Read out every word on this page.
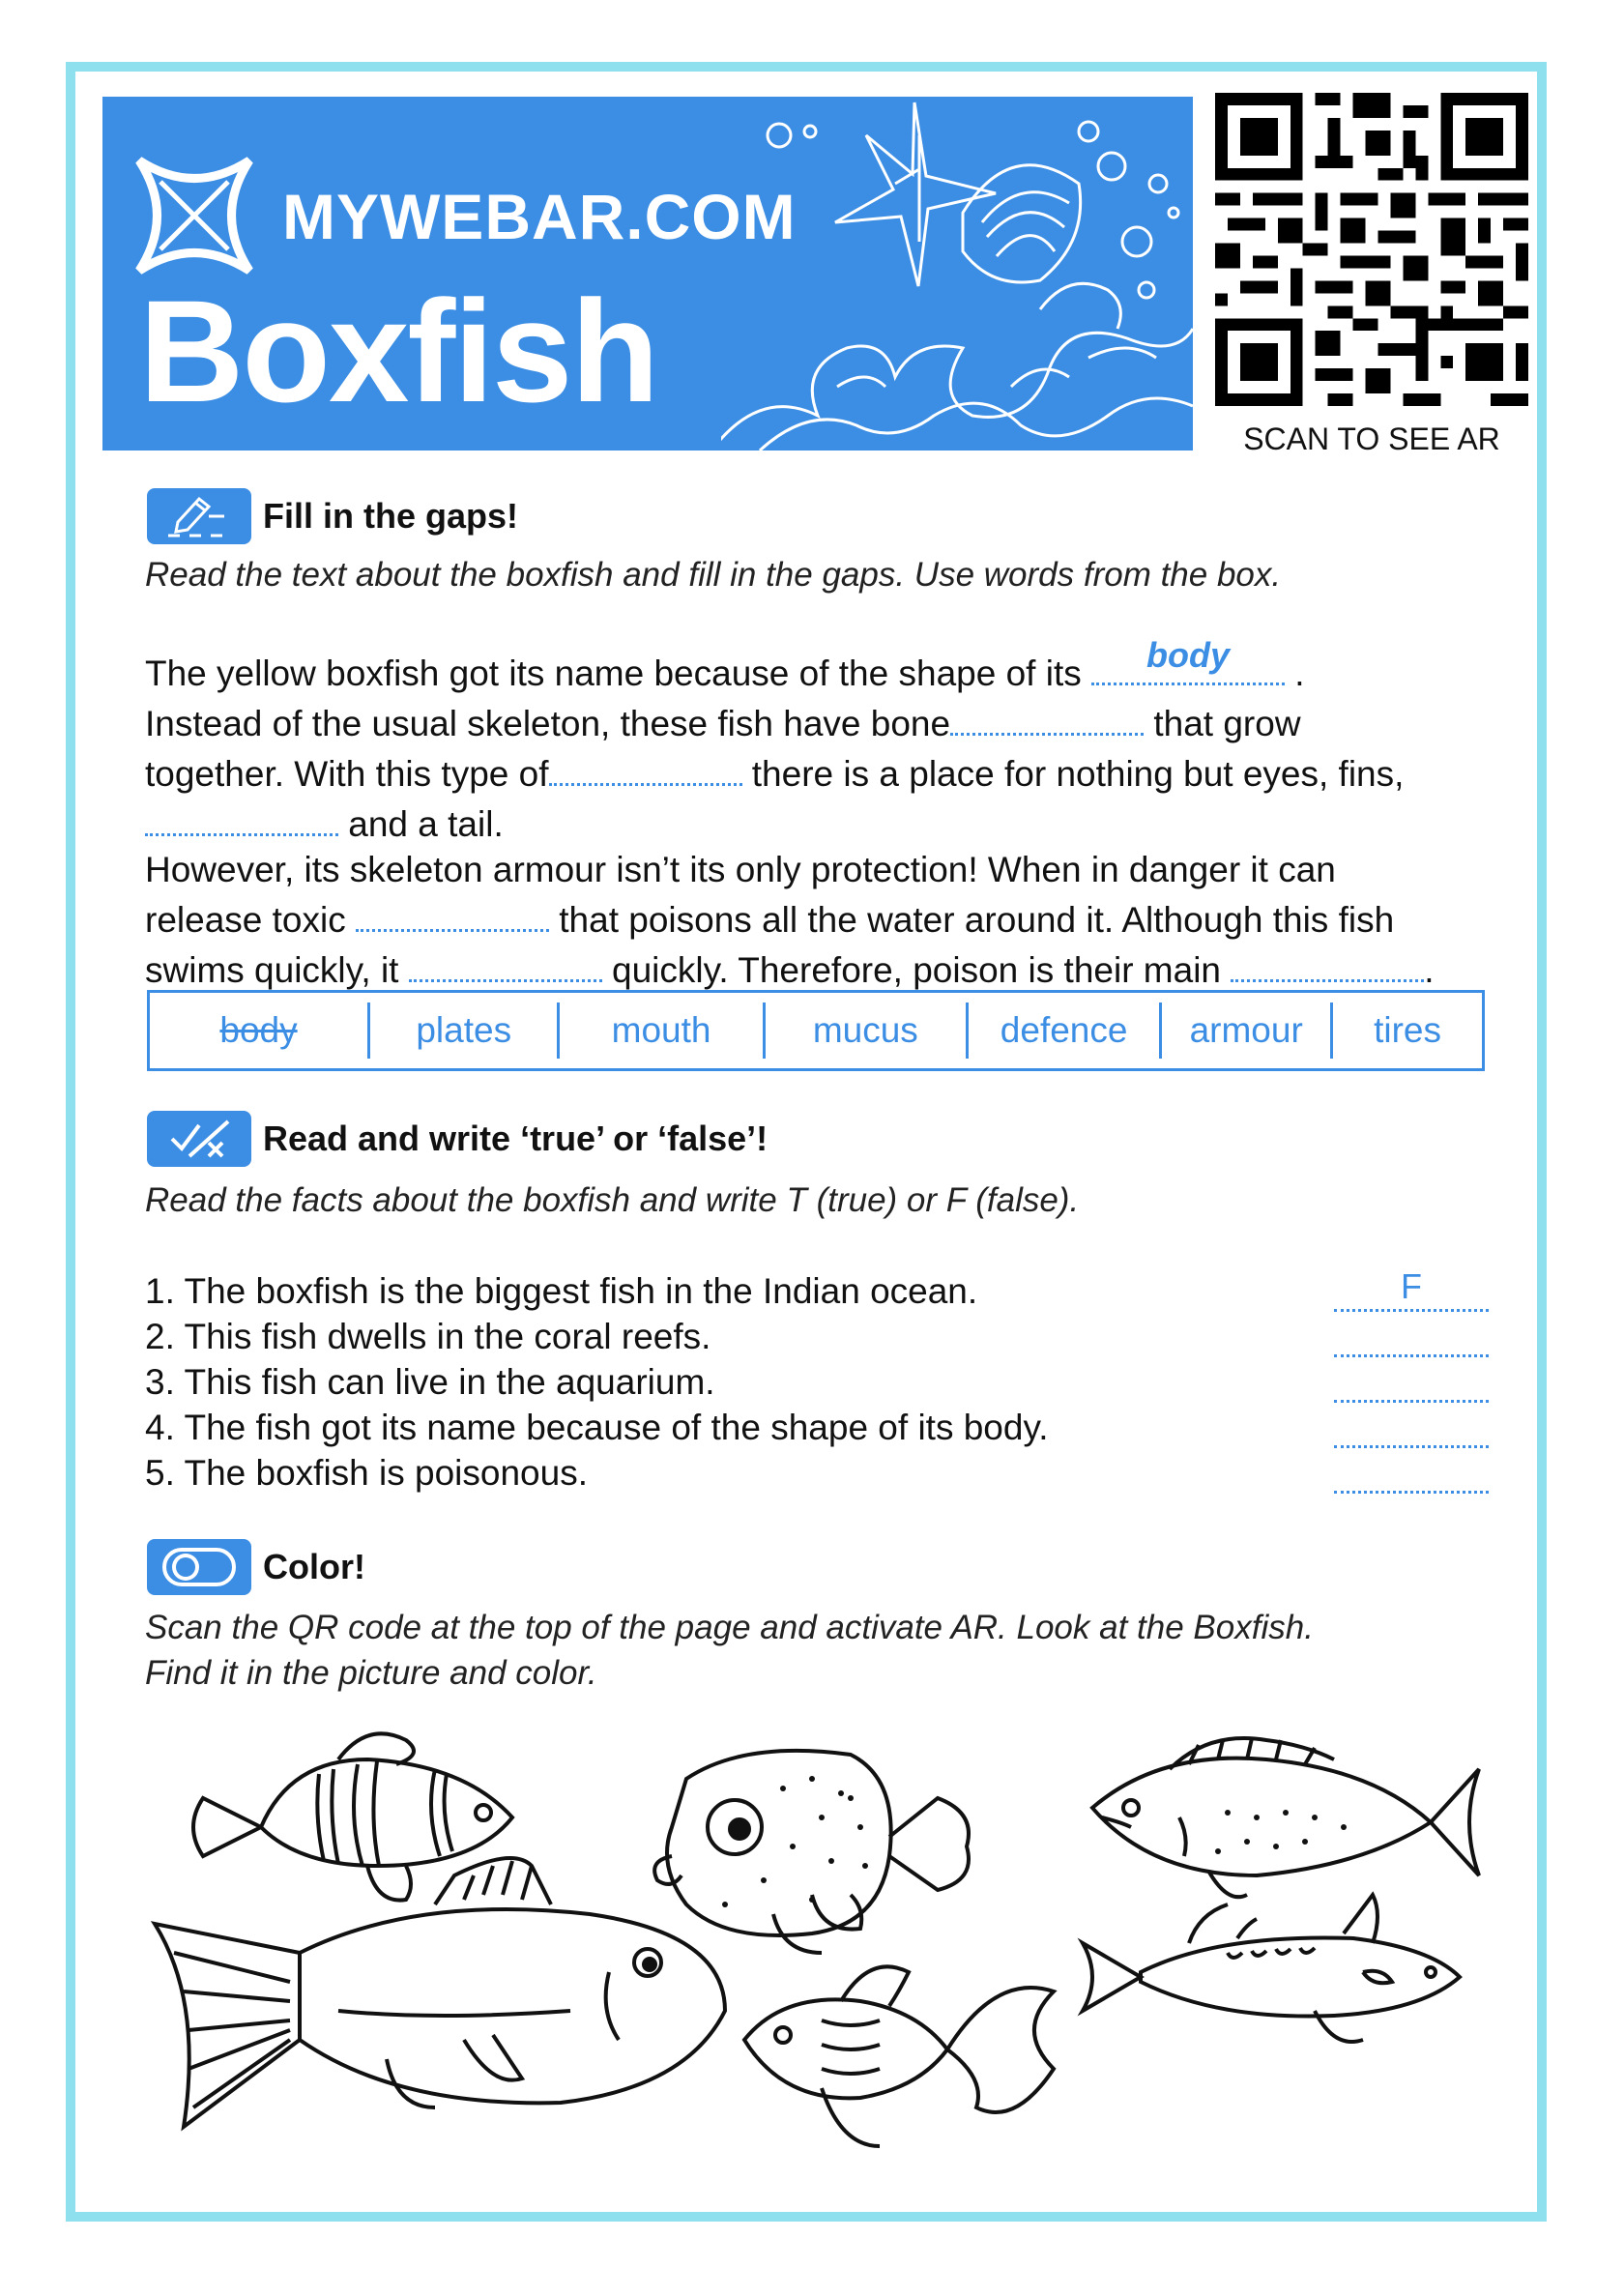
MYWEBAR.COM
Boxfish
SCAN TO SEE AR
Fill in the gaps!
Read the text about the boxfish and fill in the gaps. Use words from the box.
The yellow boxfish got its name because of the shape of its	body	.
Instead of the usual skeleton, these fish have bone	that grow
together. With this type of	there is a place for nothing but eyes, fins,
and a tail.
However, its skeleton armour isn’t its only protection! When in danger it can
release toxic	that poisons all the water around it. Although this fish
swims quickly, it	quickly. Therefore, poison is their main	.
body	plates	mouth	mucus	defence	armour	tires
Read and write ‘true’ or ‘false’!
Read the facts about the boxfish and write T (true) or F (false).
1. The boxfish is the biggest fish in the Indian ocean.	F
2. This fish dwells in the coral reefs.
3. This fish can live in the aquarium.
4. The fish got its name because of the shape of its body.
5. The boxfish is poisonous.
Color!
Scan the QR code at the top of the page and activate AR. Look at the Boxfish.
Find it in the picture and color.
